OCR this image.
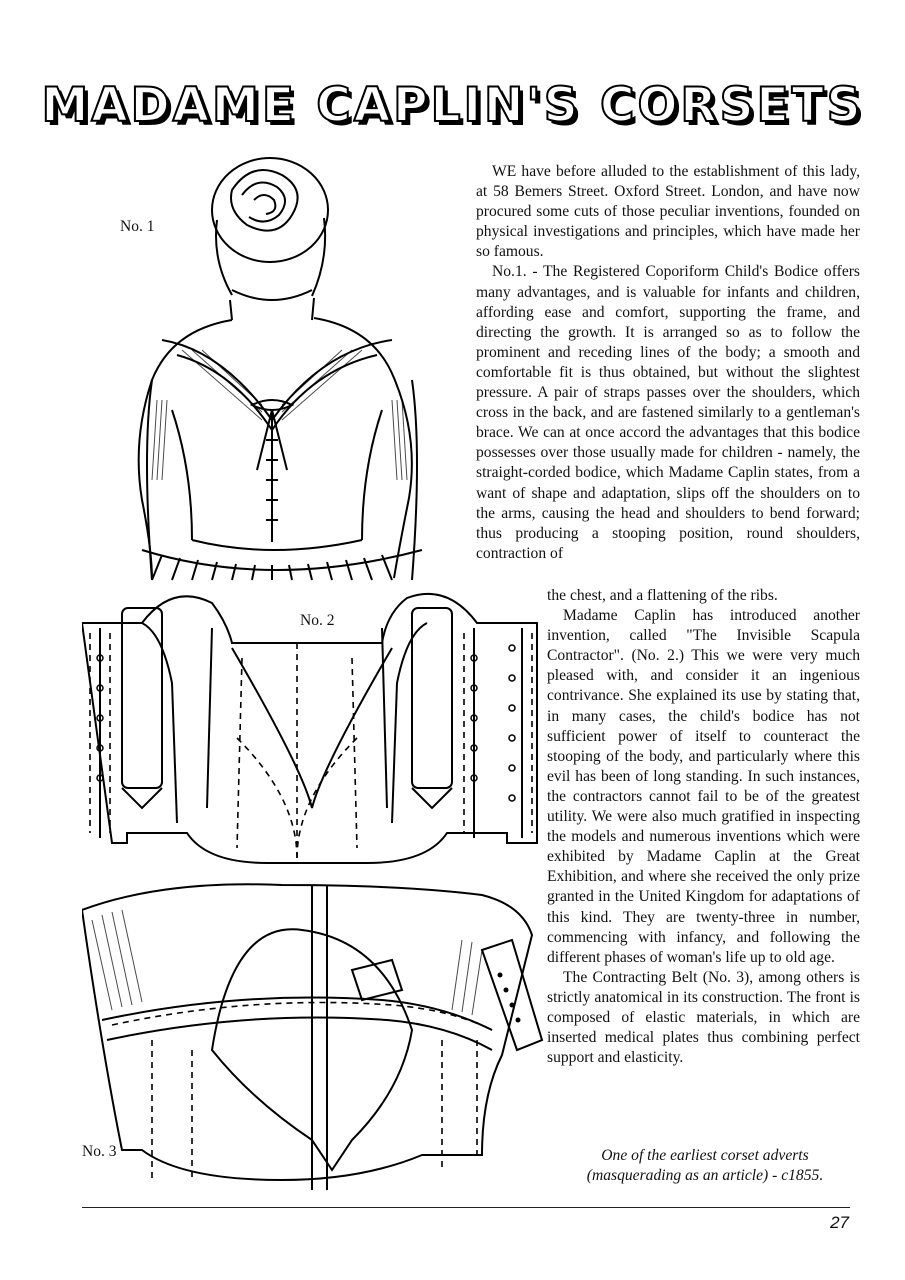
MADAME CAPLIN'S CORSETS
No. 1
No. 2
No. 3

WE have before alluded to the establishment of this lady, at 58 Bemers Street. Oxford Street. London, and have now procured some cuts of those peculiar inventions, founded on physical investigations and principles, which have made her so famous.

No.1. - The Registered Coporiform Child's Bodice offers many advantages, and is valuable for infants and children, affording ease and comfort, supporting the frame, and directing the growth. It is arranged so as to follow the prominent and receding lines of the body; a smooth and comfortable fit is thus obtained, but without the slightest pressure. A pair of straps passes over the shoulders, which cross in the back, and are fastened similarly to a gentleman's brace. We can at once accord the advantages that this bodice possesses over those usually made for children - namely, the straight-corded bodice, which Madame Caplin states, from a want of shape and adaptation, slips off the shoulders on to the arms, causing the head and shoulders to bend forward; thus producing a stooping position, round shoulders, contraction of

the chest, and a flattening of the ribs.

Madame Caplin has introduced another invention, called "The Invisible Scapula Contractor". (No. 2.) This we were very much pleased with, and consider it an ingenious contrivance. She explained its use by stating that, in many cases, the child's bodice has not sufficient power of itself to counteract the stooping of the body, and particularly where this evil has been of long standing. In such instances, the contractors cannot fail to be of the greatest utility. We were also much gratified in inspecting the models and numerous inventions which were exhibited by Madame Caplin at the Great Exhibition, and where she received the only prize granted in the United Kingdom for adaptations of this kind. They are twenty-three in number, commencing with infancy, and following the different phases of woman's life up to old age.

The Contracting Belt (No. 3), among others is strictly anatomical in its construction. The front is composed of elastic materials, in which are inserted medical plates thus combining perfect support and elasticity.

One of the earliest corset adverts
(masquerading as an article) - c1855.
27
